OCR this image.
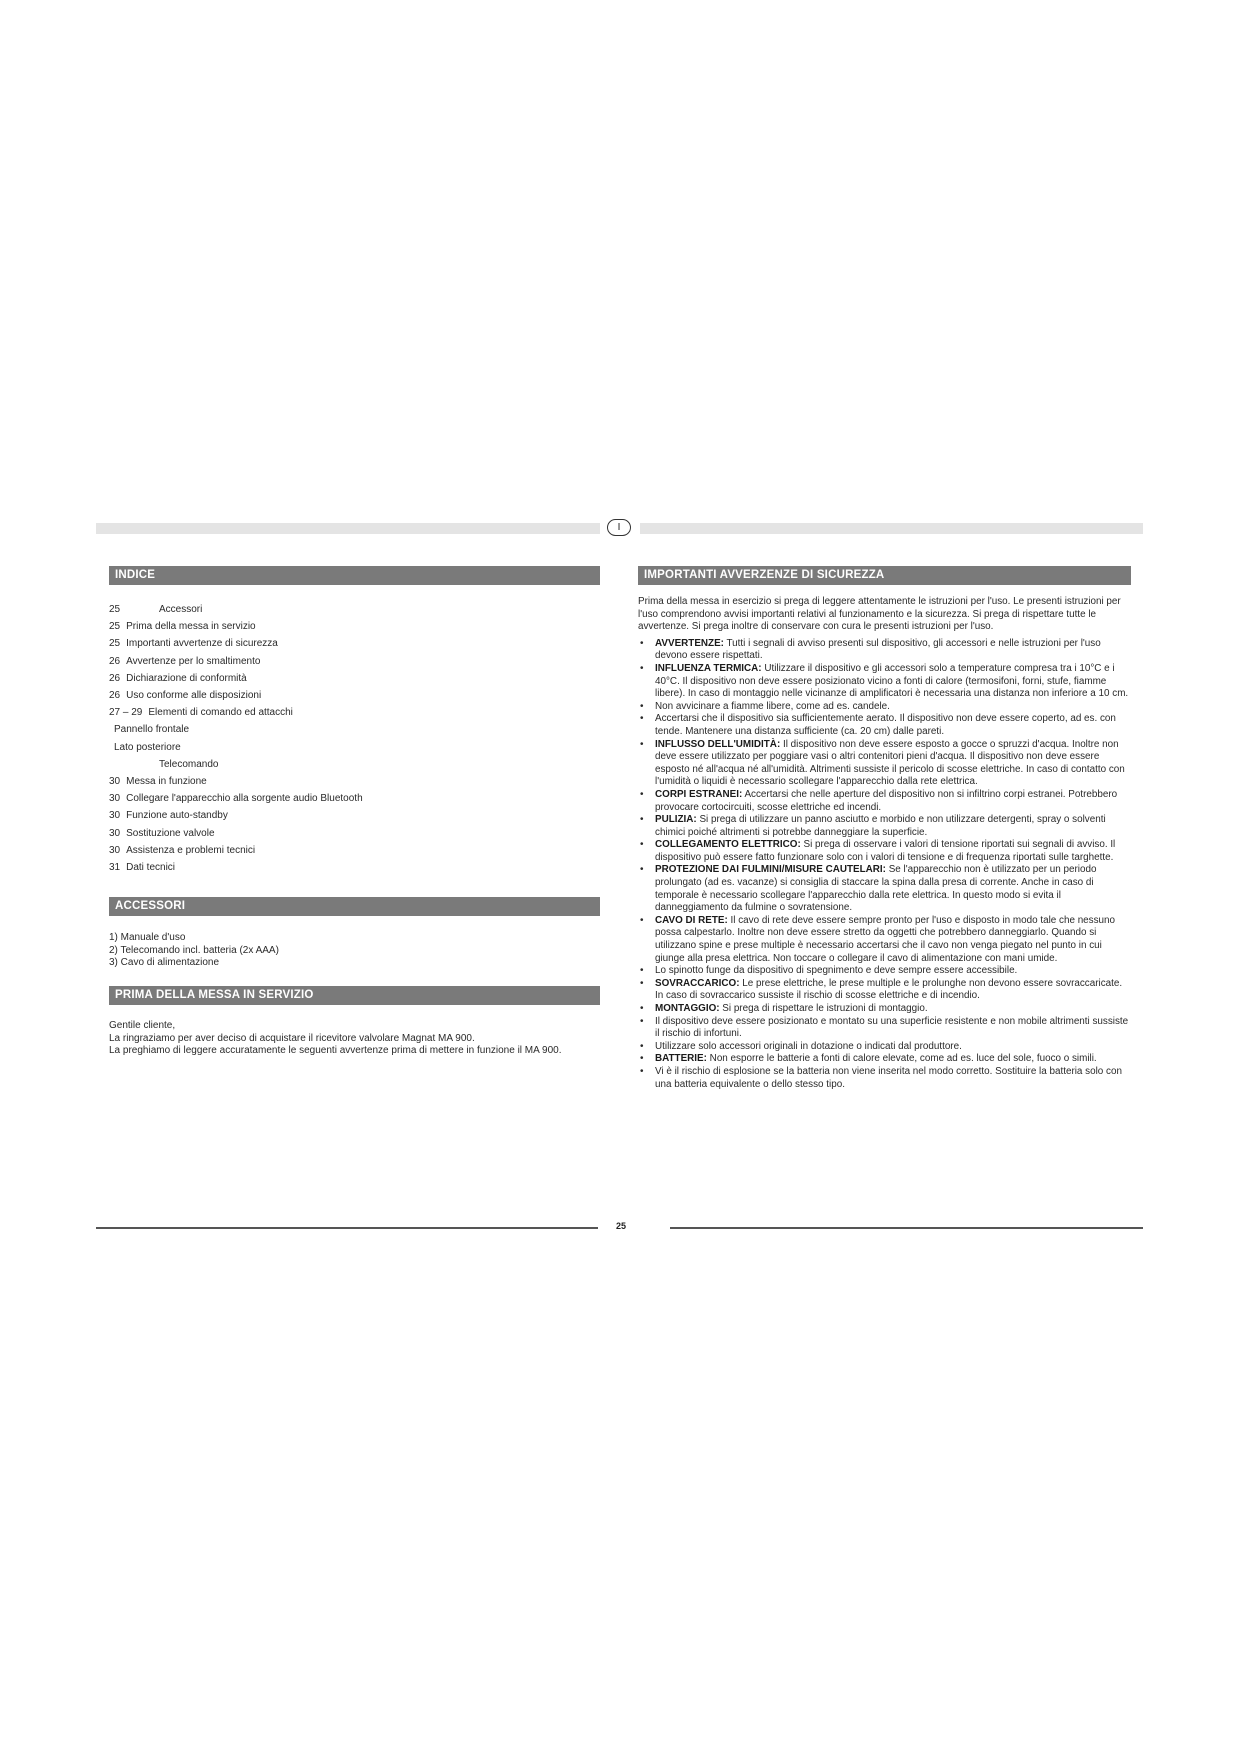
I
INDICE
25	Accessori
25 Prima della messa in servizio
25 Importanti avvertenze di sicurezza
26 Avvertenze per lo smaltimento
26 Dichiarazione di conformità
26 Uso conforme alle disposizioni
27 – 29 Elementi di comando ed attacchi
Pannello frontale
Lato posteriore
Telecomando
30 Messa in funzione
30 Collegare l'apparecchio alla sorgente audio Bluetooth
30 Funzione auto-standby
30 Sostituzione valvole
30 Assistenza e problemi tecnici
31 Dati tecnici
ACCESSORI
1) Manuale d'uso
2) Telecomando incl. batteria (2x AAA)
3) Cavo di alimentazione
PRIMA DELLA MESSA IN SERVIZIO
Gentile cliente,
La ringraziamo per aver deciso di acquistare il ricevitore valvolare Magnat MA 900.
La preghiamo di leggere accuratamente le seguenti avvertenze prima di mettere in funzione il MA 900.
IMPORTANTI AVVERZENZE DI SICUREZZA

Prima della messa in esercizio si prega di leggere attentamente le istruzioni per l'uso. Le presenti istruzioni per l'uso comprendono avvisi importanti relativi al funzionamento e la sicurezza. Si prega di rispettare tutte le avvertenze. Si prega inoltre di conservare con cura le presenti istruzioni per l'uso.

• AVVERTENZE: Tutti i segnali di avviso presenti sul dispositivo, gli accessori e nelle istruzioni per l'uso devono essere rispettati.
• INFLUENZA TERMICA: Utilizzare il dispositivo e gli accessori solo a temperature compresa tra i 10°C e i 40°C. Il dispositivo non deve essere posizionato vicino a fonti di calore (termosifoni, forni, stufe, fiamme libere). In caso di montaggio nelle vicinanze di amplificatori è necessaria una distanza non inferiore a 10 cm.
• Non avvicinare a fiamme libere, come ad es. candele.
• Accertarsi che il dispositivo sia sufficientemente aerato. Il dispositivo non deve essere coperto, ad es. con tende. Mantenere una distanza sufficiente (ca. 20 cm) dalle pareti.
• INFLUSSO DELL'UMIDITÀ: Il dispositivo non deve essere esposto a gocce o spruzzi d'acqua. Inoltre non deve essere utilizzato per poggiare vasi o altri contenitori pieni d'acqua. Il dispositivo non deve essere esposto né all'acqua né all'umidità. Altrimenti sussiste il pericolo di scosse elettriche. In caso di contatto con l'umidità o liquidi è necessario scollegare l'apparecchio dalla rete elettrica.
• CORPI ESTRANEI: Accertarsi che nelle aperture del dispositivo non si infiltrino corpi estranei. Potrebbero provocare cortocircuiti, scosse elettriche ed incendi.
• PULIZIA: Si prega di utilizzare un panno asciutto e morbido e non utilizzare detergenti, spray o solventi chimici poiché altrimenti si potrebbe danneggiare la superficie.
• COLLEGAMENTO ELETTRICO: Si prega di osservare i valori di tensione riportati sui segnali di avviso. Il dispositivo può essere fatto funzionare solo con i valori di tensione e di frequenza riportati sulle targhette.
• PROTEZIONE DAI FULMINI/MISURE CAUTELARI: Se l'apparecchio non è utilizzato per un periodo prolungato (ad es. vacanze) si consiglia di staccare la spina dalla presa di corrente. Anche in caso di temporale è necessario scollegare l'apparecchio dalla rete elettrica. In questo modo si evita il danneggiamento da fulmine o sovratensione.
• CAVO DI RETE: Il cavo di rete deve essere sempre pronto per l'uso e disposto in modo tale che nessuno possa calpestarlo. Inoltre non deve essere stretto da oggetti che potrebbero danneggiarlo. Quando si utilizzano spine e prese multiple è necessario accertarsi che il cavo non venga piegato nel punto in cui giunge alla presa elettrica. Non toccare o collegare il cavo di alimentazione con mani umide.
• Lo spinotto funge da dispositivo di spegnimento e deve sempre essere accessibile.
• SOVRACCARICO: Le prese elettriche, le prese multiple e le prolunghe non devono essere sovraccaricate. In caso di sovraccarico sussiste il rischio di scosse elettriche e di incendio.
• MONTAGGIO: Si prega di rispettare le istruzioni di montaggio.
• Il dispositivo deve essere posizionato e montato su una superficie resistente e non mobile altrimenti sussiste il rischio di infortuni.
• Utilizzare solo accessori originali in dotazione o indicati dal produttore.
• BATTERIE: Non esporre le batterie a fonti di calore elevate, come ad es. luce del sole, fuoco o simili.
• Vi è il rischio di esplosione se la batteria non viene inserita nel modo corretto. Sostituire la batteria solo con una batteria equivalente o dello stesso tipo.
25
